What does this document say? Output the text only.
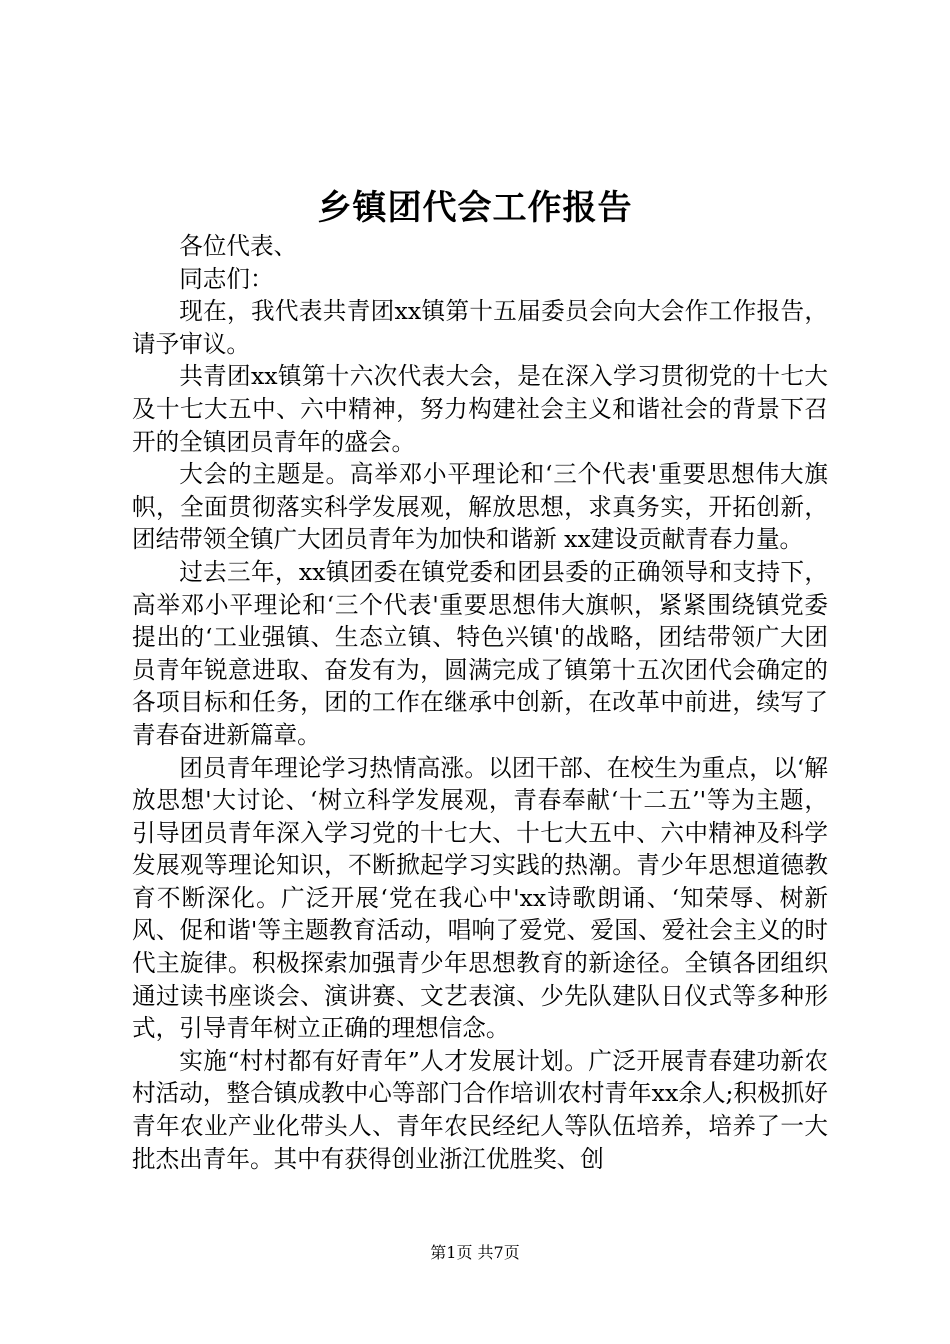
乡镇团代会工作报告

各位代表、

同志们：

现在，我代表共青团xx镇第十五届委员会向大会作工作报告，请予审议。

共青团xx镇第十六次代表大会，是在深入学习贯彻党的十七大及十七大五中、六中精神，努力构建社会主义和谐社会的背景下召开的全镇团员青年的盛会。

大会的主题是。高举邓小平理论和‘三个代表'重要思想伟大旗帜，全面贯彻落实科学发展观，解放思想，求真务实，开拓创新，团结带领全镇广大团员青年为加快和谐新 xx建设贡献青春力量。

过去三年，xx镇团委在镇党委和团县委的正确领导和支持下，高举邓小平理论和‘三个代表'重要思想伟大旗帜，紧紧围绕镇党委提出的‘工业强镇、生态立镇、特色兴镇'的战略，团结带领广大团员青年锐意进取、奋发有为，圆满完成了镇第十五次团代会确定的各项目标和任务，团的工作在继承中创新，在改革中前进，续写了青春奋进新篇章。

团员青年理论学习热情高涨。以团干部、在校生为重点，以‘解放思想'大讨论、‘树立科学发展观，青春奉献‘十二五’'等为主题，引导团员青年深入学习党的十七大、十七大五中、六中精神及科学发展观等理论知识，不断掀起学习实践的热潮。青少年思想道德教育不断深化。广泛开展‘党在我心中'xx诗歌朗诵、‘知荣辱、树新风、促和谐'等主题教育活动，唱响了爱党、爱国、爱社会主义的时代主旋律。积极探索加强青少年思想教育的新途径。全镇各团组织通过读书座谈会、演讲赛、文艺表演、少先队建队日仪式等多种形式，引导青年树立正确的理想信念。

实施“村村都有好青年”人才发展计划。广泛开展青春建功新农村活动，整合镇成教中心等部门合作培训农村青年xx余人;积极抓好青年农业产业化带头人、青年农民经纪人等队伍培养，培养了一大批杰出青年。其中有获得创业浙江优胜奖、创

第1页 共7页
